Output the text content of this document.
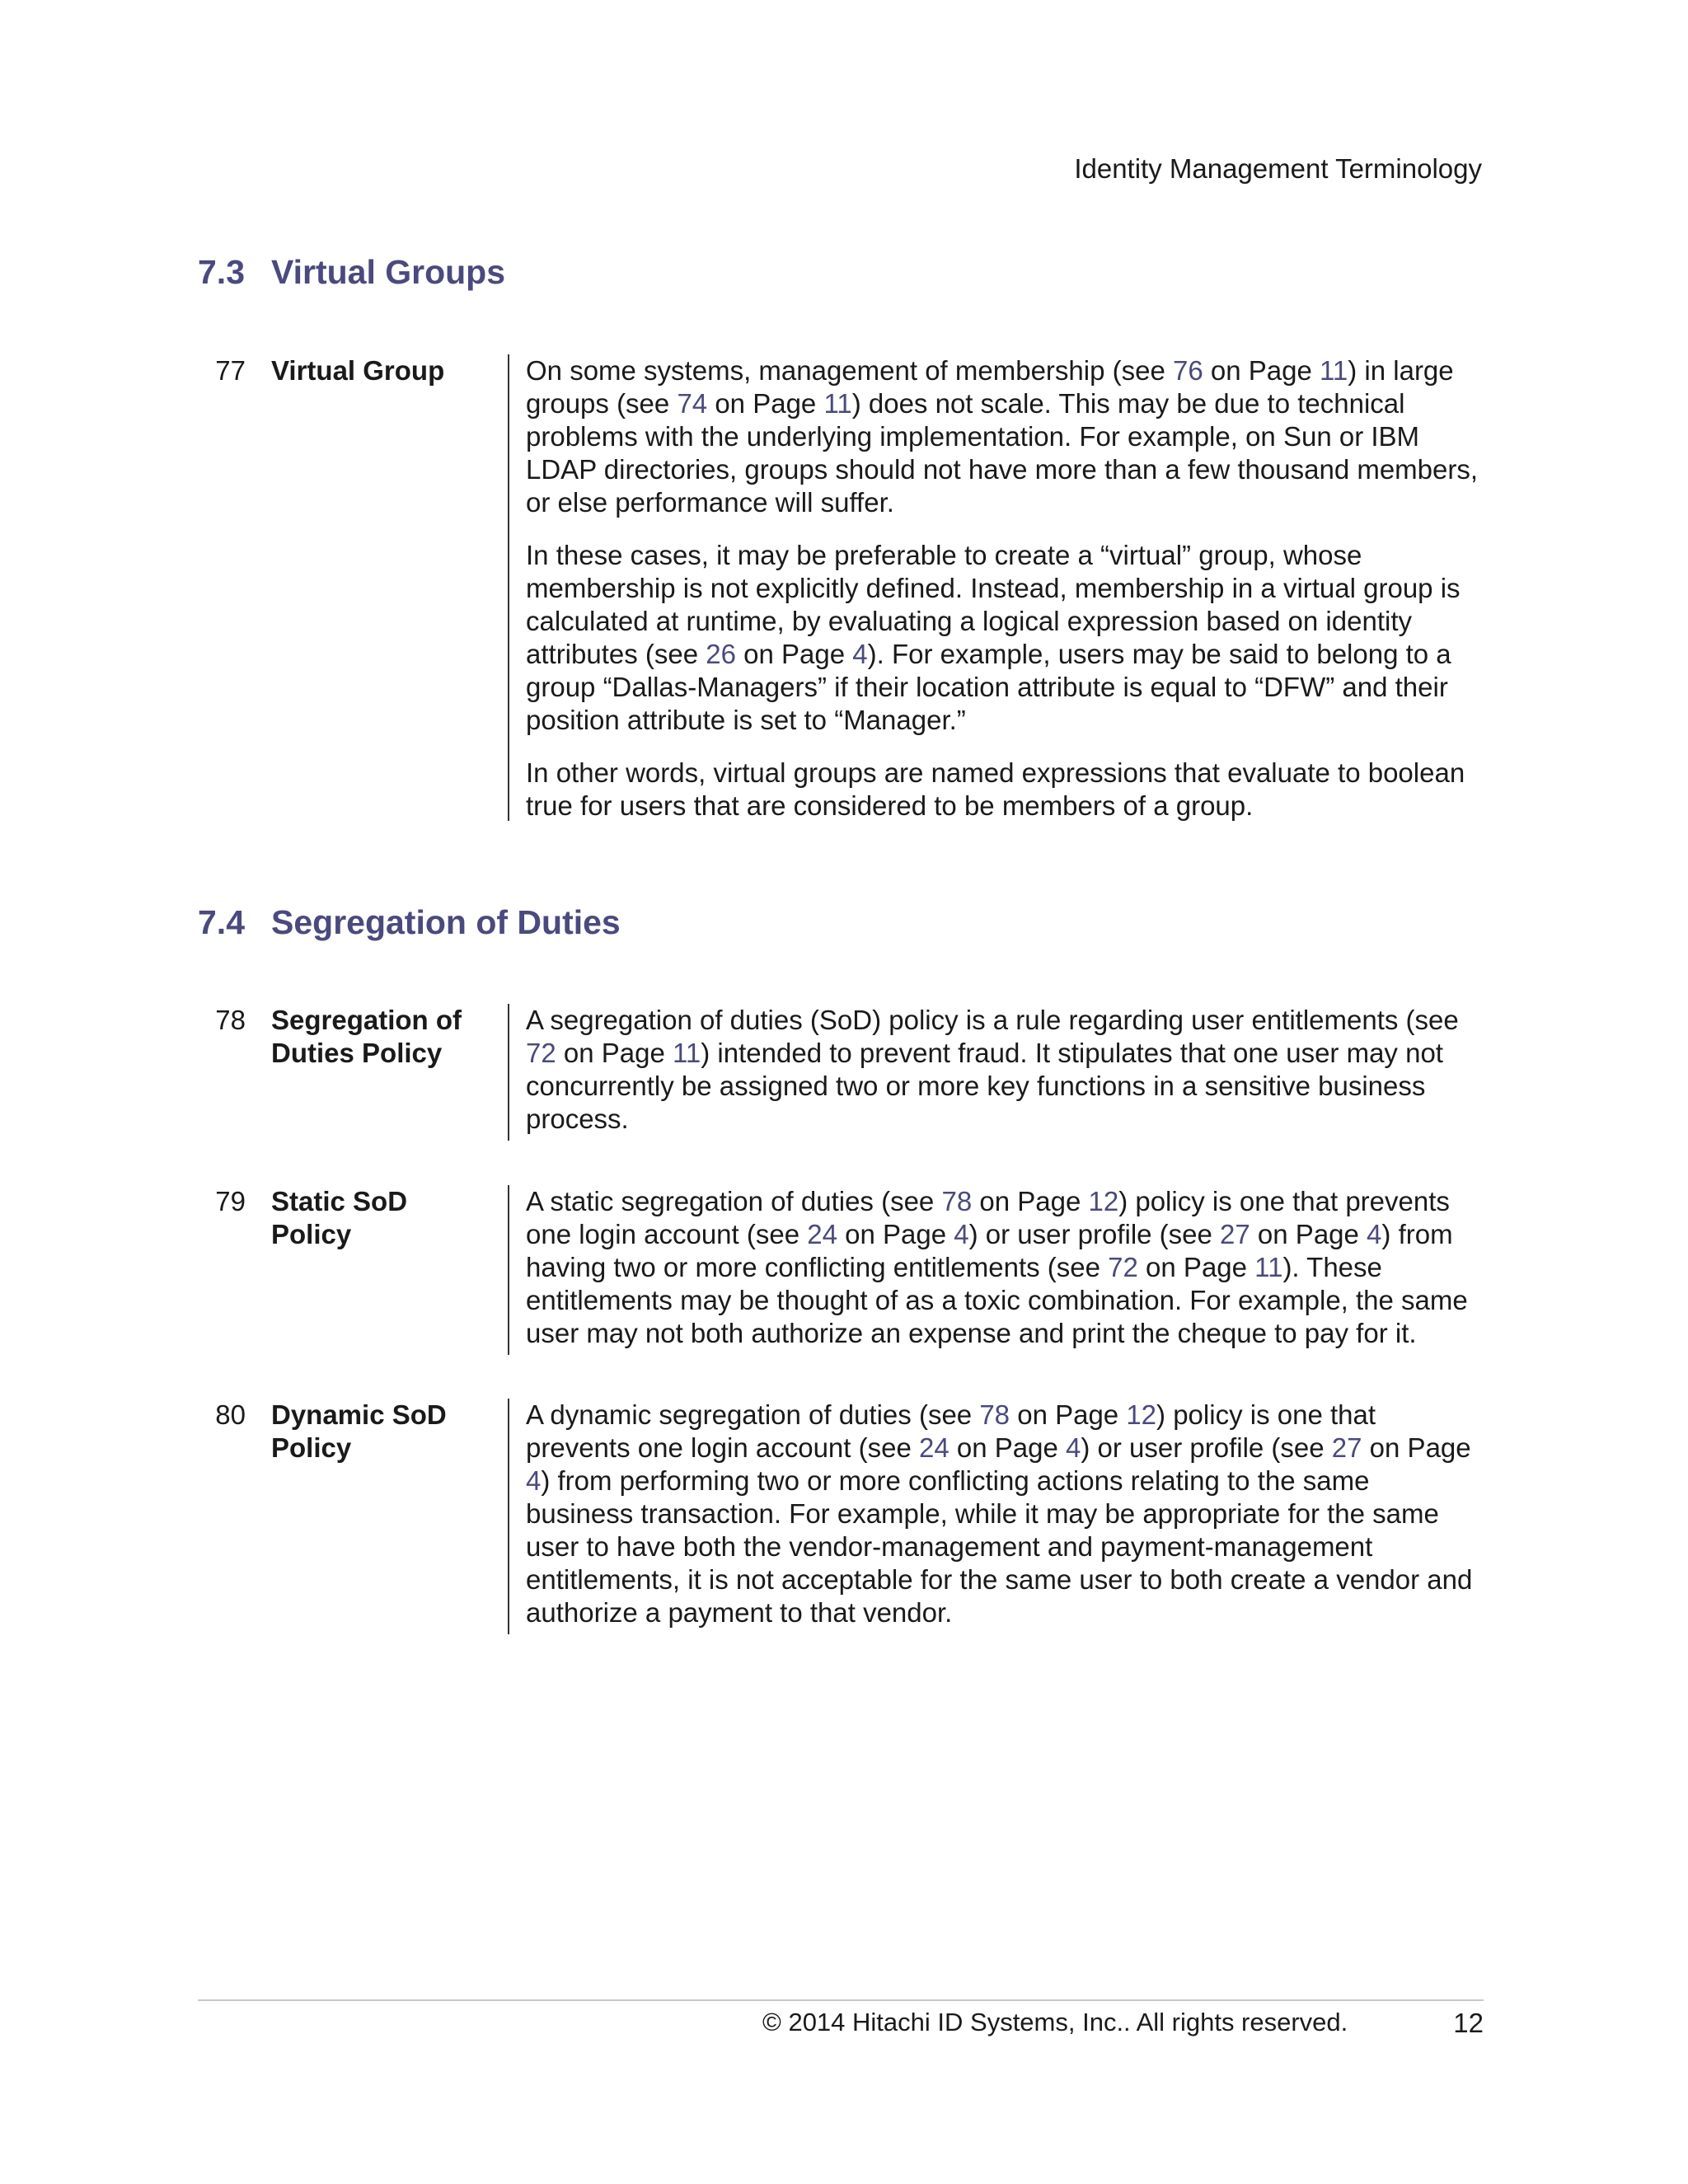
Identity Management Terminology
7.3 Virtual Groups
77 Virtual Group	On some systems, management of membership (see 76 on Page 11) in large groups (see 74 on Page 11) does not scale. This may be due to technical problems with the underlying implementation. For example, on Sun or IBM LDAP directories, groups should not have more than a few thousand members, or else performance will suffer.

In these cases, it may be preferable to create a “virtual” group, whose membership is not explicitly defined. Instead, membership in a virtual group is calculated at runtime, by evaluating a logical expression based on identity attributes (see 26 on Page 4). For example, users may be said to belong to a group “Dallas-Managers” if their location attribute is equal to “DFW” and their position attribute is set to “Manager.”

In other words, virtual groups are named expressions that evaluate to boolean true for users that are considered to be members of a group.

7.4 Segregation of Duties
78 Segregation of Duties Policy

A segregation of duties (SoD) policy is a rule regarding user entitlements (see 72 on Page 11) intended to prevent fraud. It stipulates that one user may not concurrently be assigned two or more key functions in a sensitive business process.

79 Static SoD Policy

A static segregation of duties (see 78 on Page 12) policy is one that prevents one login account (see 24 on Page 4) or user profile (see 27 on Page 4) from having two or more conflicting entitlements (see 72 on Page 11). These entitlements may be thought of as a toxic combination. For example, the same user may not both authorize an expense and print the cheque to pay for it.

80 Dynamic SoD Policy

A dynamic segregation of duties (see 78 on Page 12) policy is one that prevents one login account (see 24 on Page 4) or user profile (see 27 on Page 4) from performing two or more conflicting actions relating to the same business transaction. For example, while it may be appropriate for the same user to have both the vendor-management and payment-management entitlements, it is not acceptable for the same user to both create a vendor and authorize a payment to that vendor.

© 2014 Hitachi ID Systems, Inc.. All rights reserved.	12
